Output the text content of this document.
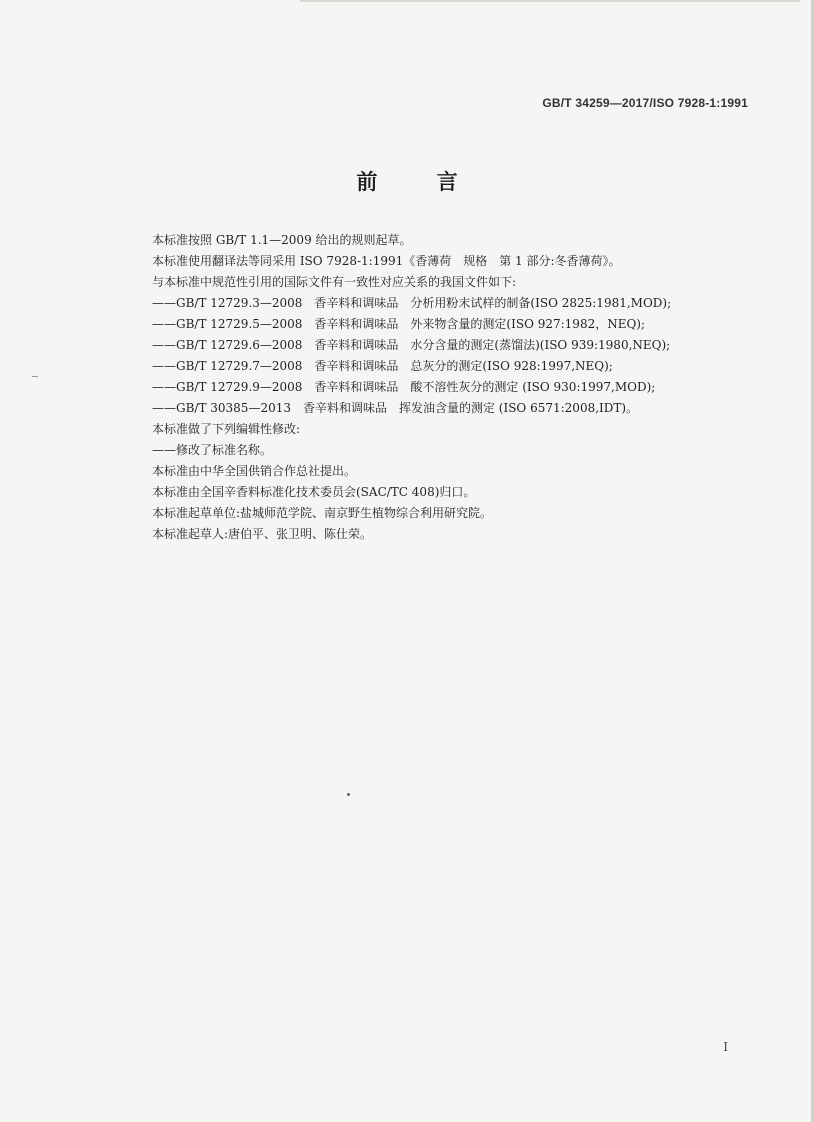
GB/T 34259—2017/ISO 7928-1:1991
前 言
本标准按照 GB/T 1.1—2009 给出的规则起草。
本标准使用翻译法等同采用 ISO 7928-1:1991《香薄荷　规格　第 1 部分:冬香薄荷》。
与本标准中规范性引用的国际文件有一致性对应关系的我国文件如下:
——GB/T 12729.3—2008　香辛料和调味品　分析用粉末试样的制备(ISO 2825:1981,MOD);
——GB/T 12729.5—2008　香辛料和调味品　外来物含量的测定(ISO 927:1982，NEQ);
——GB/T 12729.6—2008　香辛料和调味品　水分含量的测定(蒸馏法)(ISO 939:1980,NEQ);
——GB/T 12729.7—2008　香辛料和调味品　总灰分的测定(ISO 928:1997,NEQ);
——GB/T 12729.9—2008　香辛料和调味品　酸不溶性灰分的测定 (ISO 930:1997,MOD);
——GB/T 30385—2013　香辛料和调味品　挥发油含量的测定 (ISO 6571:2008,IDT)。
本标准做了下列编辑性修改:
——修改了标准名称。
本标准由中华全国供销合作总社提出。
本标准由全国辛香料标准化技术委员会(SAC/TC 408)归口。
本标准起草单位:盐城师范学院、南京野生植物综合利用研究院。
本标准起草人:唐伯平、张卫明、陈仕荣。
I
